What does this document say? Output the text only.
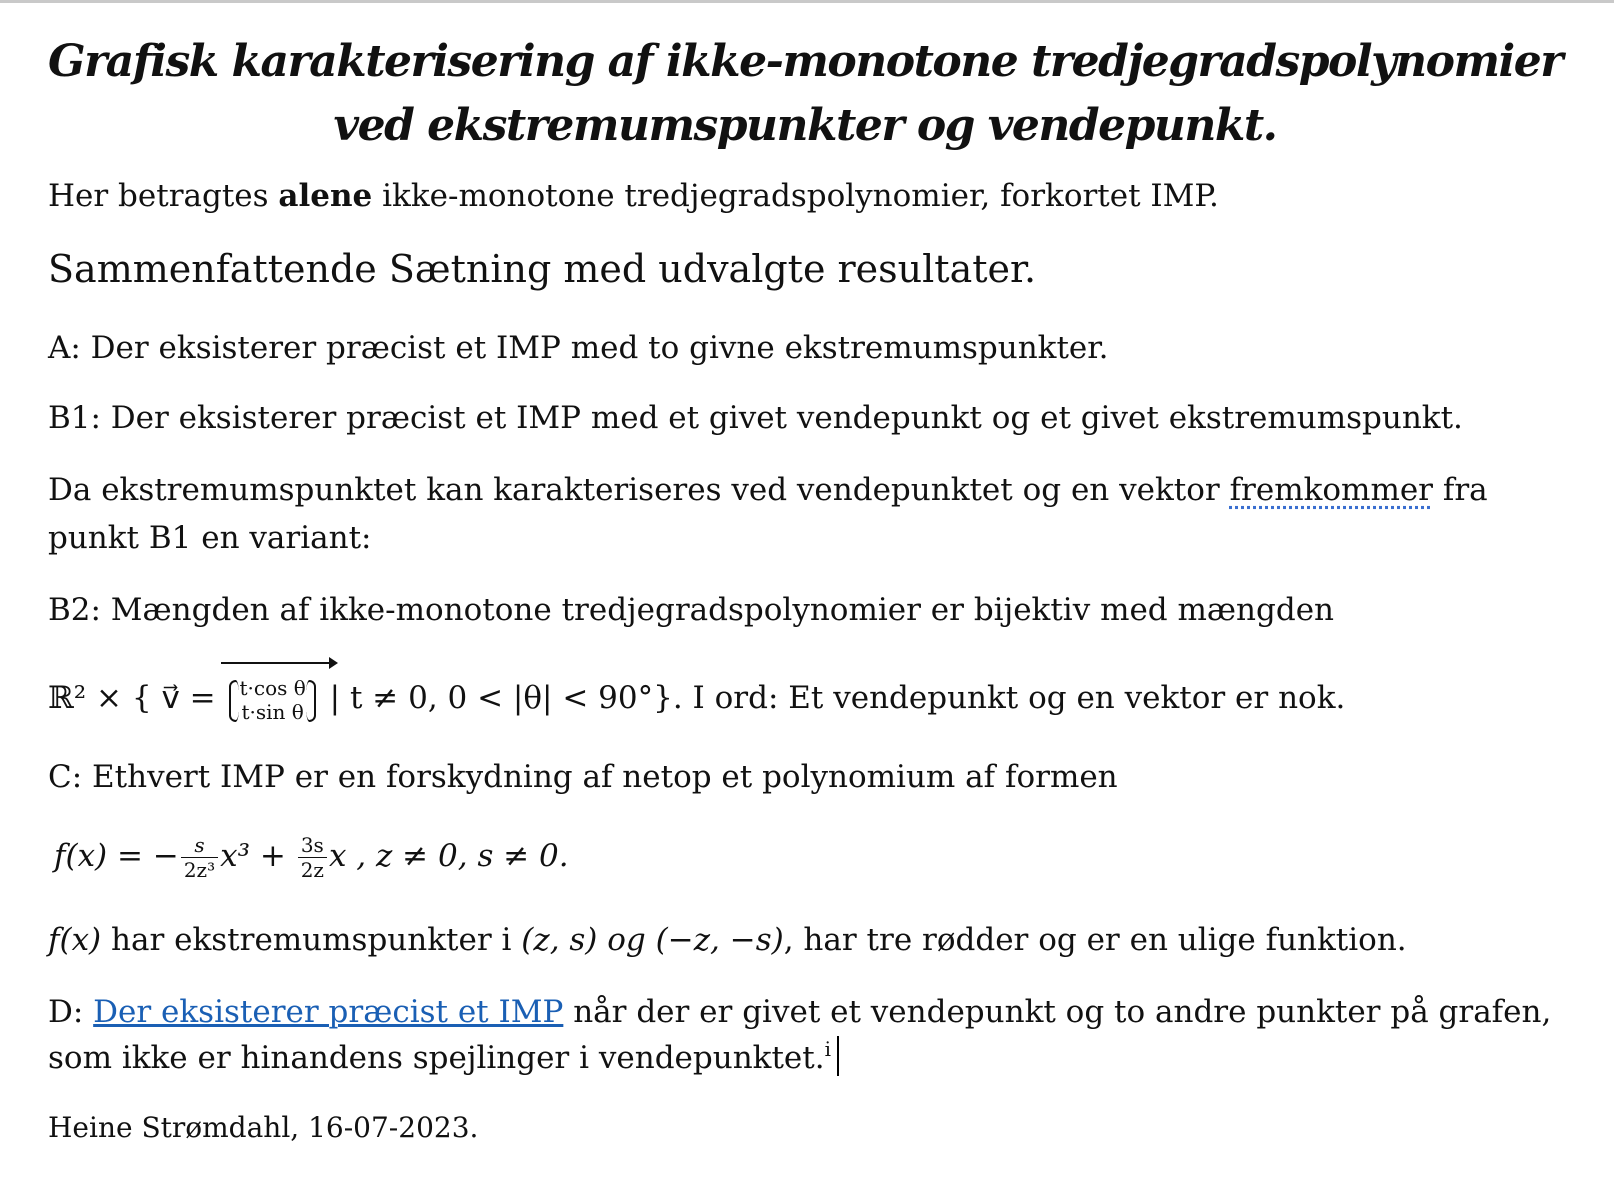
Grafisk karakterisering af ikke-monotone tredjegradspolynomier ved ekstremumspunkter og vendepunkt.
Her betragtes alene ikke-monotone tredjegradspolynomier, forkortet IMP.
Sammenfattende Sætning med udvalgte resultater.
A: Der eksisterer præcist et IMP med to givne ekstremumspunkter.
B1: Der eksisterer præcist et IMP med et givet vendepunkt og et givet ekstremumspunkt.
Da ekstremumspunktet kan karakteriseres ved vendepunktet og en vektor fremkommer fra
punkt B1 en variant:
B2: Mængden af ikke-monotone tredjegradspolynomier er bijektiv med mængden
ℝ² × { v⃗ = t·cos θ
t·sin θ | t ≠ 0, 0 < |θ| < 90°}. I ord: Et vendepunkt og en vektor er nok.
C: Ethvert IMP er en forskydning af netop et polynomium af formen
f(x) = − $\frac{s}{\text{2z³}} x^3 + \frac{3s}{2z}$ x , z ≠ 0, s ≠ 0.
f(x) har ekstremumspunkter i (z, s) og (−z, −s), har tre rødder og er en ulige funktion.
D: Der eksisterer præcist et IMP når der er givet et vendepunkt og to andre punkter på grafen,
som ikke er hinandens spejlinger i vendepunktet.$^i$
Heine Strømdahl, 16-07-2023.
